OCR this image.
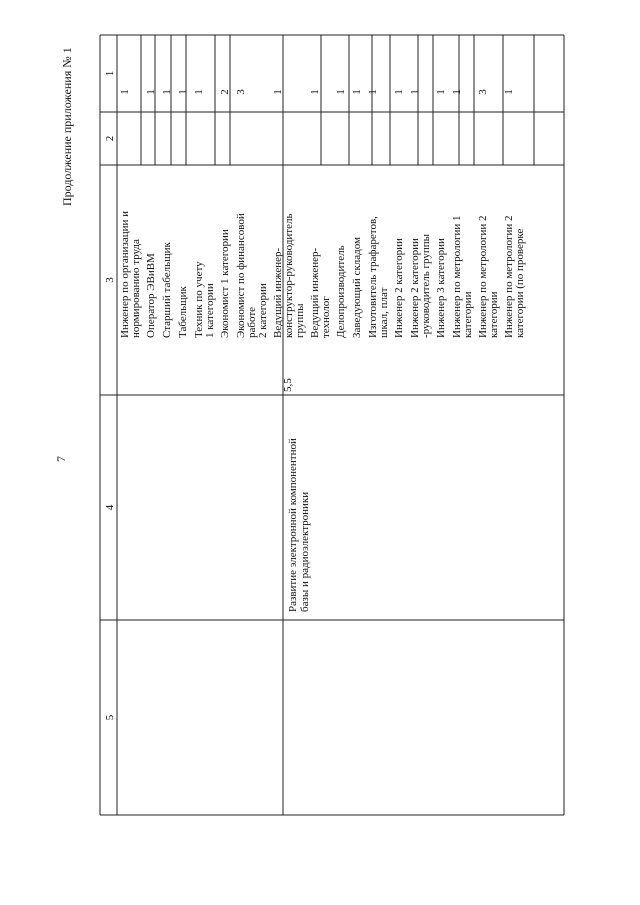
7
Продолжение приложения № 1	1
2
3
4
5
Развитие электронной компонентной базы и радиоэлектроники
5,5
Инженер по организации и нормированию труда
1
Оператор ЭВиВМ
1
Старший табельщик
1
Табельщик
1
Техник по учету 1 категории
1
Экономист 1 категории
2
Экономист по финансовой работе 2 категории
3
Ведущий инженер- конструктор-руководитель группы
1
Ведущий инженер- технолог
1
Делопроизводитель
1
Заведующий складом
1
Изготовитель трафаретов, шкал, плат
1
Инженер 2 категории
1
Инженер 2 категории -руководитель группы
1
Инженер 3 категории
1
Инженер по метрологии 1 категории
1
Инженер по метрологии 2 категории
3
Инженер по метрологии 2 категории (по проверке
1
